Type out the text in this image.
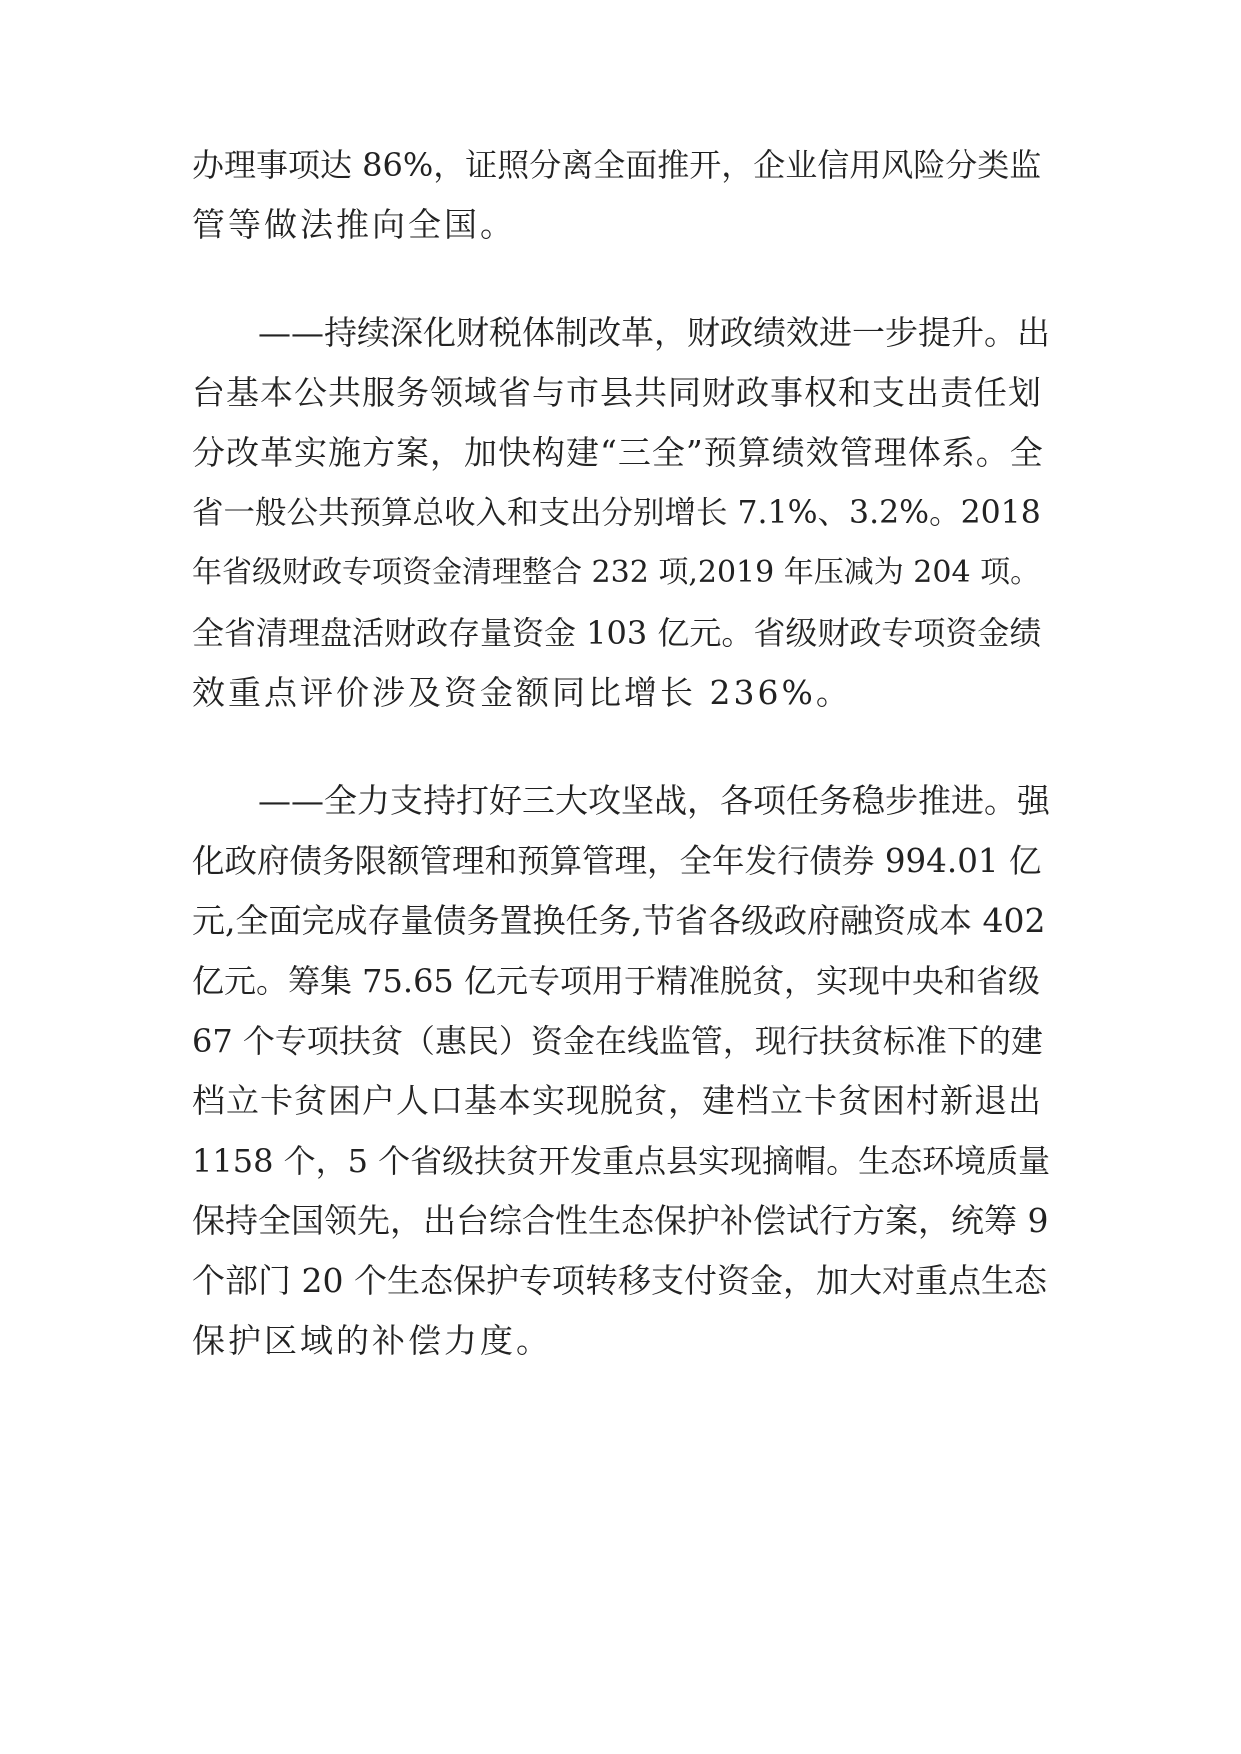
办理事项达 86%，证照分离全面推开，企业信用风险分类监
管等做法推向全国。
——持续深化财税体制改革，财政绩效进一步提升。出
台基本公共服务领域省与市县共同财政事权和支出责任划
分改革实施方案，加快构建“三全”预算绩效管理体系。全
省一般公共预算总收入和支出分别增长 7.1%、3.2%。2018
年省级财政专项资金清理整合 232 项,2019 年压减为 204 项。
全省清理盘活财政存量资金 103 亿元。省级财政专项资金绩
效重点评价涉及资金额同比增长 236%。
——全力支持打好三大攻坚战，各项任务稳步推进。强
化政府债务限额管理和预算管理，全年发行债券 994.01 亿
元,全面完成存量债务置换任务,节省各级政府融资成本 402
亿元。筹集 75.65 亿元专项用于精准脱贫，实现中央和省级
67 个专项扶贫（惠民）资金在线监管，现行扶贫标准下的建
档立卡贫困户人口基本实现脱贫，建档立卡贫困村新退出
1158 个，5 个省级扶贫开发重点县实现摘帽。生态环境质量
保持全国领先，出台综合性生态保护补偿试行方案，统筹 9
个部门 20 个生态保护专项转移支付资金，加大对重点生态
保护区域的补偿力度。
